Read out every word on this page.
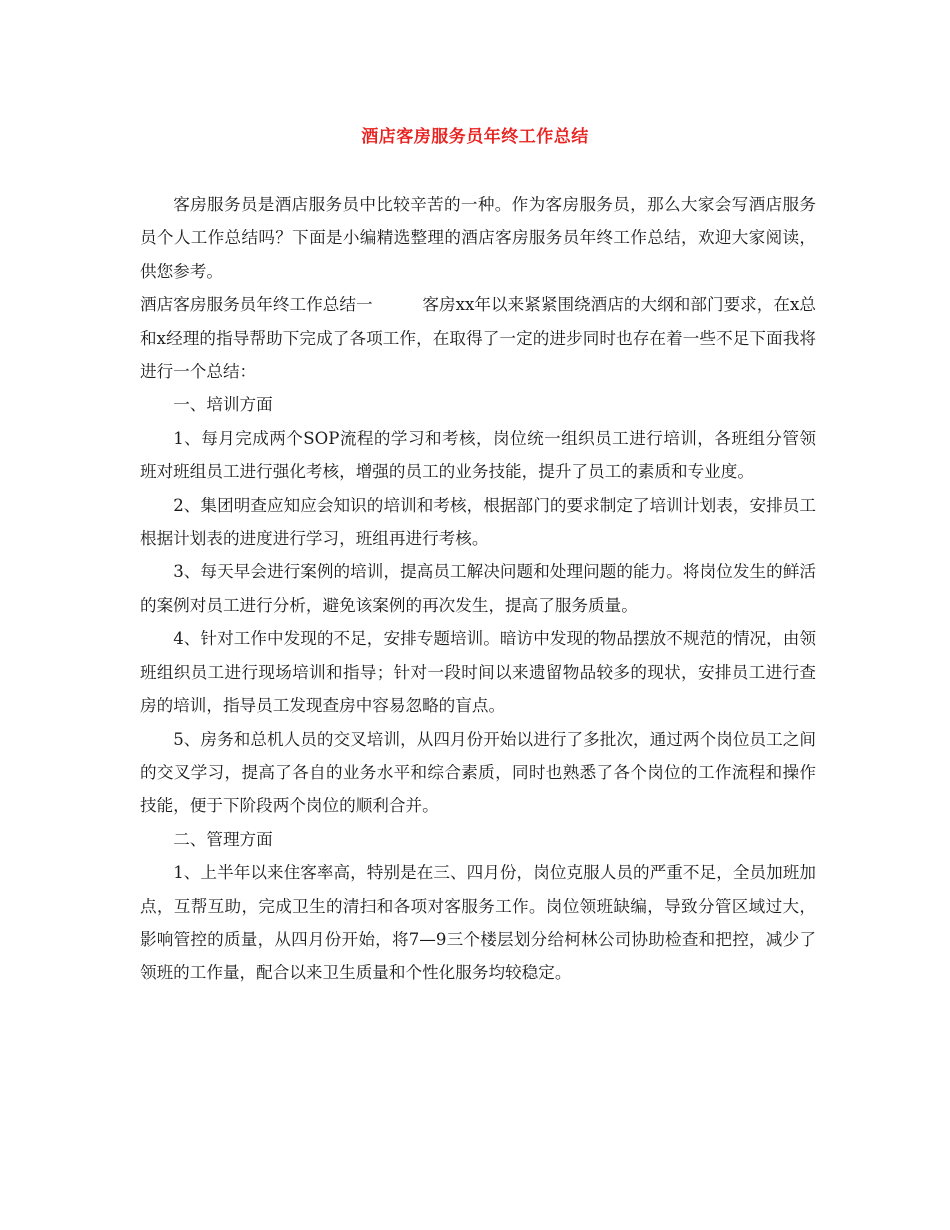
酒店客房服务员年终工作总结

客房服务员是酒店服务员中比较辛苦的一种。作为客房服务员，那么大家会写酒店服务员个人工作总结吗？下面是小编精选整理的酒店客房服务员年终工作总结，欢迎大家阅读，供您参考。

酒店客房服务员年终工作总结一　　　客房xx年以来紧紧围绕酒店的大纲和部门要求，在x总和x经理的指导帮助下完成了各项工作，在取得了一定的进步同时也存在着一些不足下面我将进行一个总结：

一、培训方面

1、每月完成两个SOP流程的学习和考核，岗位统一组织员工进行培训，各班组分管领班对班组员工进行强化考核，增强的员工的业务技能，提升了员工的素质和专业度。

2、集团明查应知应会知识的培训和考核，根据部门的要求制定了培训计划表，安排员工根据计划表的进度进行学习，班组再进行考核。

3、每天早会进行案例的培训，提高员工解决问题和处理问题的能力。将岗位发生的鲜活的案例对员工进行分析，避免该案例的再次发生，提高了服务质量。

4、针对工作中发现的不足，安排专题培训。暗访中发现的物品摆放不规范的情况，由领班组织员工进行现场培训和指导；针对一段时间以来遗留物品较多的现状，安排员工进行查房的培训，指导员工发现查房中容易忽略的盲点。

5、房务和总机人员的交叉培训，从四月份开始以进行了多批次，通过两个岗位员工之间的交叉学习，提高了各自的业务水平和综合素质，同时也熟悉了各个岗位的工作流程和操作技能，便于下阶段两个岗位的顺利合并。

二、管理方面

1、上半年以来住客率高，特别是在三、四月份，岗位克服人员的严重不足，全员加班加点，互帮互助，完成卫生的清扫和各项对客服务工作。岗位领班缺编，导致分管区域过大，影响管控的质量，从四月份开始，将7—9三个楼层划分给柯林公司协助检查和把控，减少了领班的工作量，配合以来卫生质量和个性化服务均较稳定。
